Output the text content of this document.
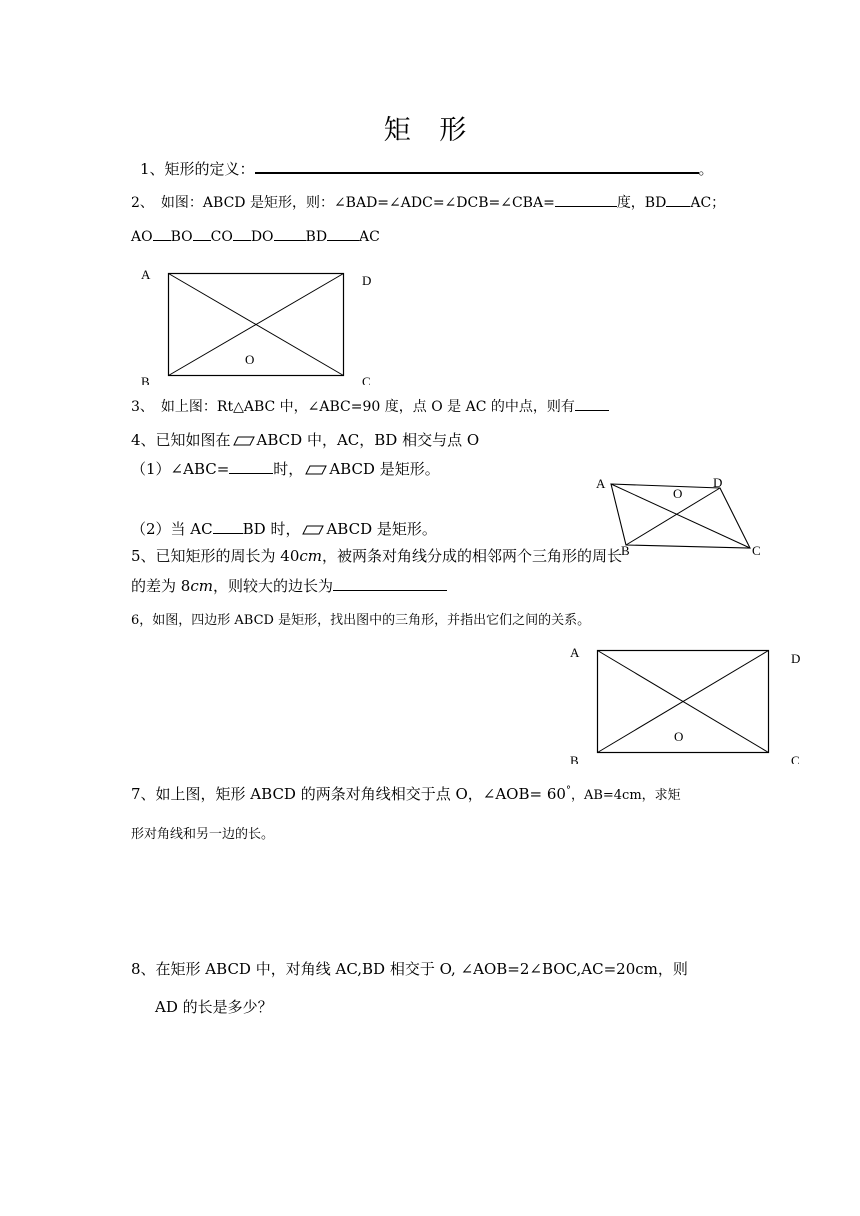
矩 形
1、矩形的定义：	。
2、　如图：ABCD 是矩形，则：∠BAD=∠ADC=∠DCB=∠CBA=	度，BD AC；
AO BO CO DO BD AC
A	D
O
B	C
3、　如上图：Rt△ABC 中，∠ABC=90 度，点 O 是 AC 的中点，则有
4、已知如图在 ABCD 中，AC，BD 相交与点 O
（1）∠ABC=	时， ABCD 是矩形。
（2）当 AC BD 时， ABCD 是矩形。
A	D
O
B	C
5、已知矩形的周长为 40cm，被两条对角线分成的相邻两个三角形的周长
的差为 8cm，则较大的边长为
6，如图，四边形 ABCD 是矩形，找出图中的三角形，并指出它们之间的关系。
A	D
O
B	C
7、如上图，矩形 ABCD 的两条对角线相交于点 O，∠AOB= 60°，AB=4cm，求矩
形对角线和另一边的长。
8、在矩形 ABCD 中，对角线 AC,BD 相交于 O, ∠AOB=2∠BOC,AC=20cm，则
AD 的长是多少？
